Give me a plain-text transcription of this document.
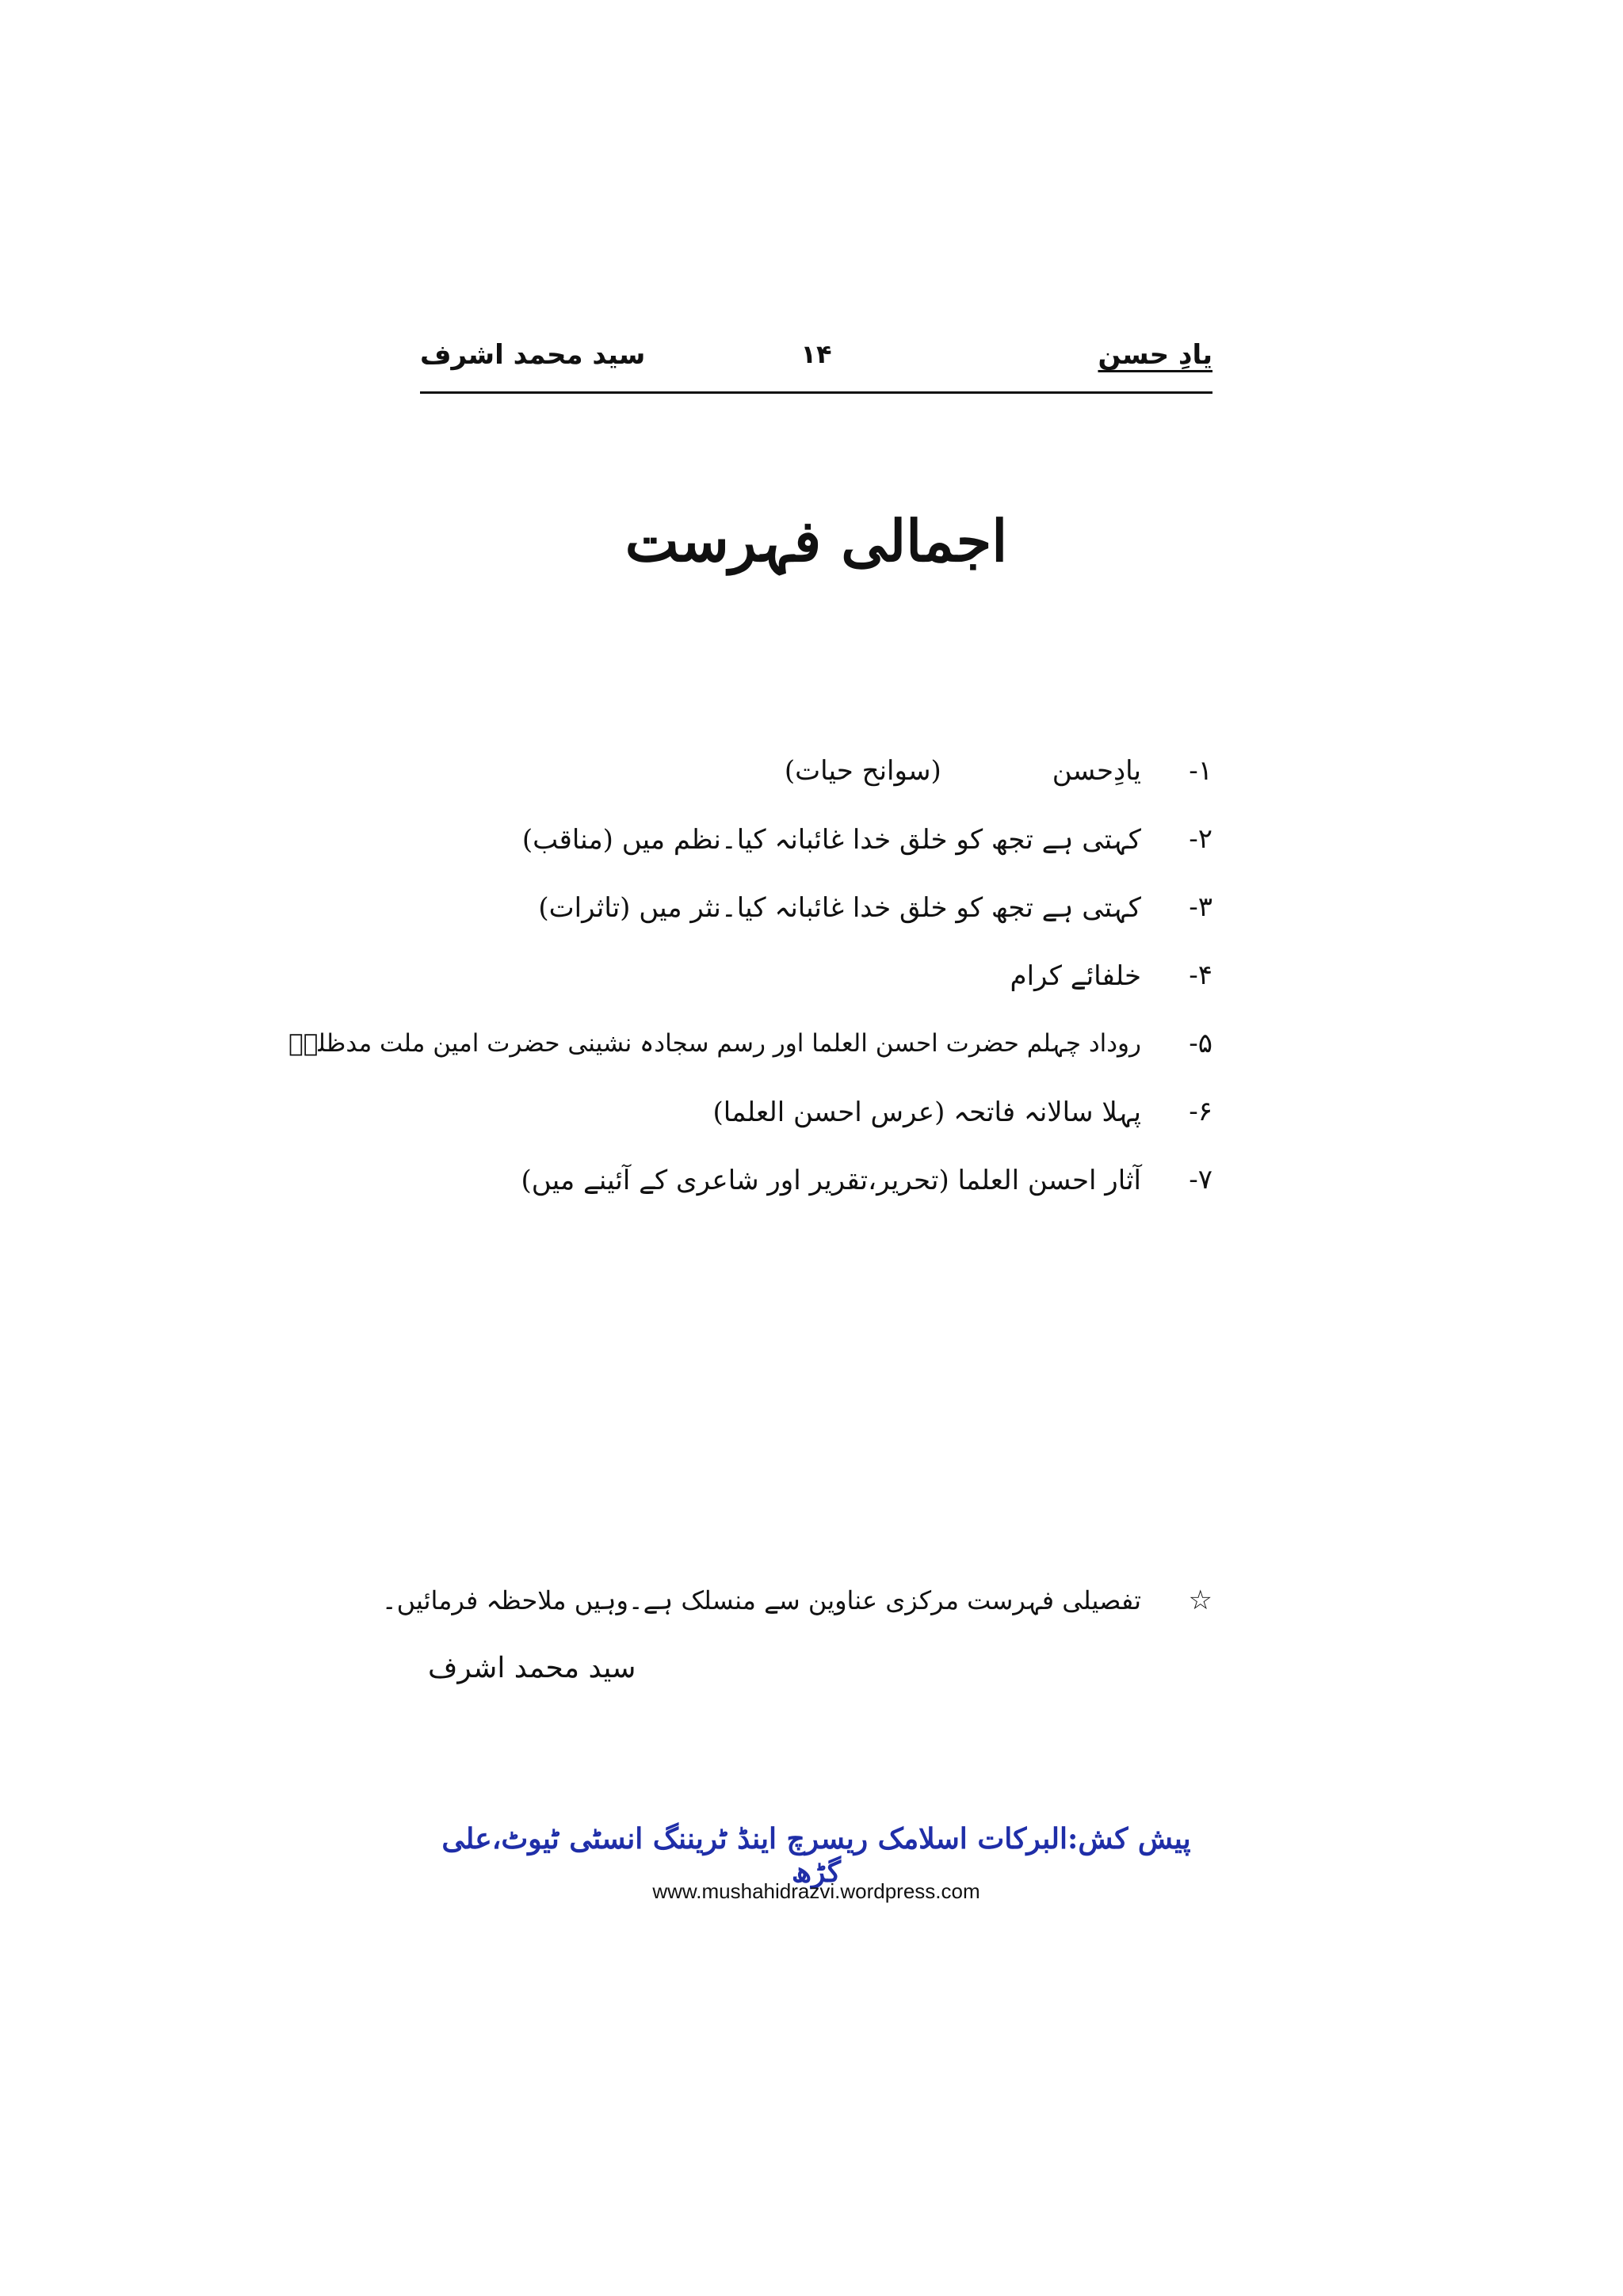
یادِ حسن
۱۴
سید محمد اشرف
اجمالی فہرست
۱-
یادِحسن
(سوانح حیات)
۲-
کہتی ہے تجھ کو خلق خدا غائبانہ کیا۔نظم میں (مناقب)
۳-
کہتی ہے تجھ کو خلق خدا غائبانہ کیا۔نثر میں (تاثرات)
۴-
خلفائے کرام
۵-
روداد چہلم حضرت احسن العلما اور رسم سجادہ نشینی حضرت امین ملت مدظلہٗ
۶-
پہلا سالانہ فاتحہ (عرس احسن العلما)
۷-
آثار احسن العلما (تحریر،تقریر اور شاعری کے آئینے میں)
☆
تفصیلی فہرست مرکزی عناوین سے منسلک ہے۔وہیں ملاحظہ فرمائیں۔
سید محمد اشرف
پیش کش:البرکات اسلامک ریسرچ اینڈ ٹریننگ انسٹی ٹیوٹ،علی گڑھ
www.mushahidrazvi.wordpress.com
